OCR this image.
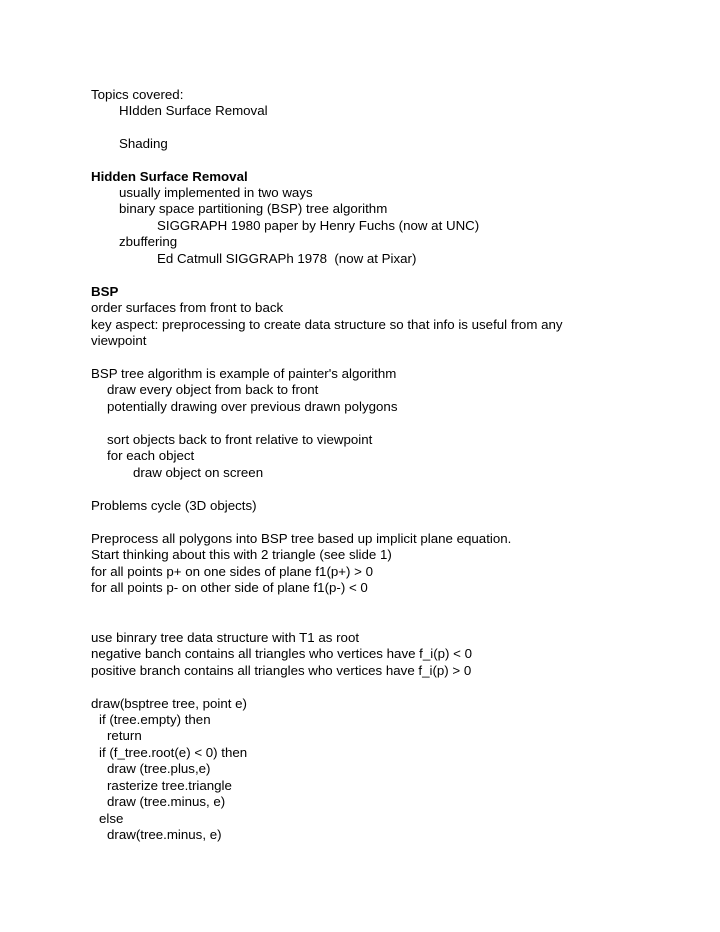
Topics covered:
HIdden Surface Removal
Shading
Hidden Surface Removal
usually implemented in two ways
binary space partitioning (BSP) tree algorithm
SIGGRAPH 1980 paper by Henry Fuchs (now at UNC)
zbuffering
Ed Catmull SIGGRAPh 1978  (now at Pixar)
BSP
order surfaces from front to back
key aspect: preprocessing to create data structure so that info is useful from any
viewpoint
BSP tree algorithm is example of painter's algorithm
draw every object from back to front
potentially drawing over previous drawn polygons
sort objects back to front relative to viewpoint
for each object
draw object on screen
Problems cycle (3D objects)
Preprocess all polygons into BSP tree based up implicit plane equation.
Start thinking about this with 2 triangle (see slide 1)
for all points p+ on one sides of plane f1(p+) > 0
for all points p- on other side of plane f1(p-) < 0
use binrary tree data structure with T1 as root
negative banch contains all triangles who vertices have f_i(p) < 0
positive branch contains all triangles who vertices have f_i(p) > 0
draw(bsptree tree, point e)
if (tree.empty) then
return
if (f_tree.root(e) < 0) then
draw (tree.plus,e)
rasterize tree.triangle
draw (tree.minus, e)
else
draw(tree.minus, e)
